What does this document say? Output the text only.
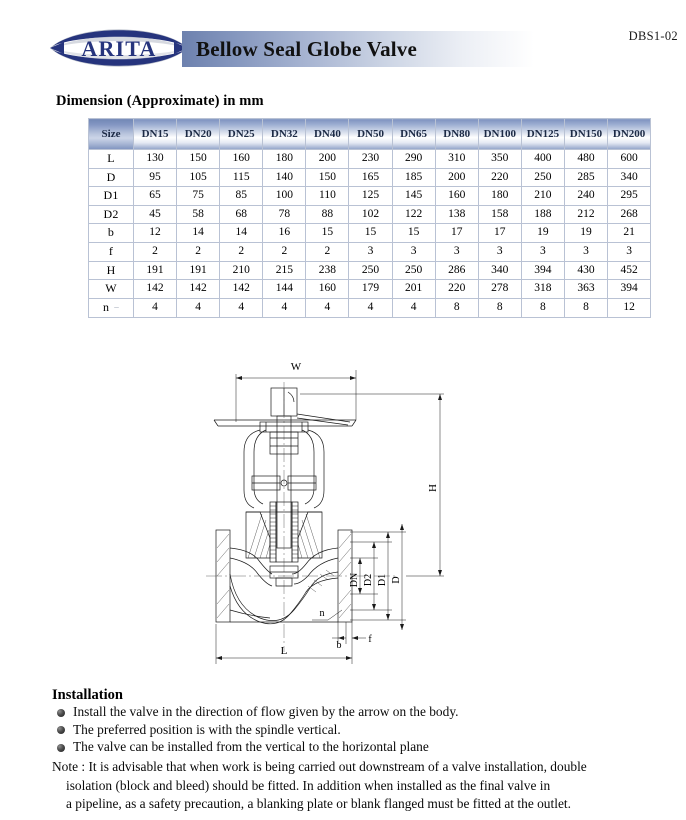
ARITA Bellow Seal Globe Valve
DBS1-02
Dimension (Approximate) in mm
Size	DN15	DN20	DN25	DN32	DN40	DN50	DN65	DN80	DN100	DN125	DN150	DN200
L	130	150	160	180	200	230	290	310	350	400	480	600
D	95	105	115	140	150	165	185	200	220	250	285	340
D1	65	75	85	100	110	125	145	160	180	210	240	295
D2	45	58	68	78	88	102	122	138	158	188	212	268
b	12	14	14	16	15	15	15	17	17	19	19	21
f	2	2	2	2	2	3	3	3	3	3	3	3
H	191	191	210	215	238	250	250	286	340	394	430	452
W	142	142	142	144	160	179	201	220	278	318	363	394
n –	4	4	4	4	4	4	4	8	8	8	8	12
W
DN D2 D1 D
H
n
b
f
L
Installation
Install the valve in the direction of flow given by the arrow on the body.
The preferred position is with the spindle vertical.
The valve can be installed from the vertical to the horizontal plane
Note : It is advisable that when work is being carried out downstream of a valve installation, double
isolation (block and bleed) should be fitted. In addition when installed as the final valve in
a pipeline, as a safety precaution, a blanking plate or blank flanged must be fitted at the outlet.
